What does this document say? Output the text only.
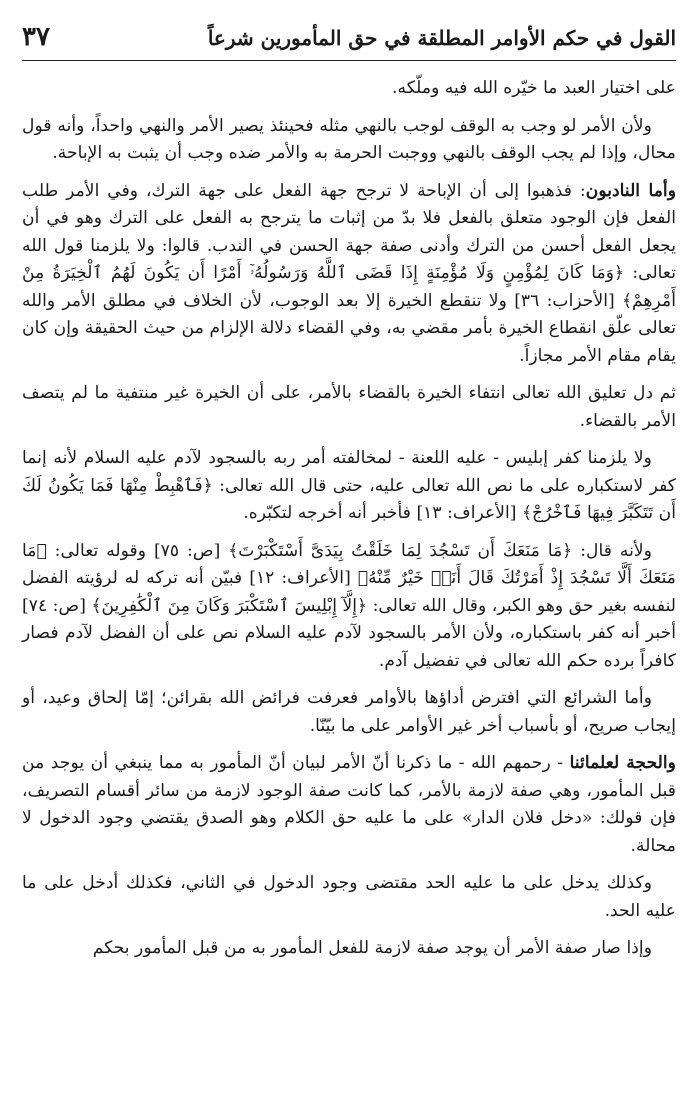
القول في حكم الأوامر المطلقة في حق المأمورين شرعاً
٣٧

على اختيار العبد ما خيّره الله فيه وملّكه.

ولأن الأمر لو وجب به الوقف لوجب بالنهي مثله فحينئذ يصير الأمر والنهي واحداً، وأنه قول محال، وإذا لم يجب الوقف بالنهي ووجبت الحرمة به والأمر ضده وجب أن يثبت به الإباحة.

وأما النادبون: فذهبوا إلى أن الإباحة لا ترجح جهة الفعل على جهة الترك، وفي الأمر طلب الفعل فإن الوجود متعلق بالفعل فلا بدّ من إثبات ما يترجح به الفعل على الترك وهو في أن يجعل الفعل أحسن من الترك وأدنى صفة جهة الحسن في الندب. قالوا: ولا يلزمنا قول الله تعالى: ﴿وَمَا كَانَ لِمُؤْمِنٍ وَلَا مُؤْمِنَةٍ إِذَا قَضَى ٱللَّهُ وَرَسُولُهُۥٓ أَمْرًا أَن يَكُونَ لَهُمُ ٱلْخِيَرَةُ مِنْ أَمْرِهِمْ﴾ [الأحزاب: ٣٦] ولا تنقطع الخيرة إلا بعد الوجوب، لأن الخلاف في مطلق الأمر والله تعالى علّق انقطاع الخيرة بأمر مقضي به، وفي القضاء دلالة الإلزام من حيث الحقيقة وإن كان يقام مقام الأمر مجازاً.

ثم دل تعليق الله تعالى انتفاء الخيرة بالقضاء بالأمر، على أن الخيرة غير منتفية ما لم يتصف الأمر بالقضاء.

ولا يلزمنا كفر إبليس - عليه اللعنة - لمخالفته أمر ربه بالسجود لآدم عليه السلام لأنه إنما كفر لاستكباره على ما نص الله تعالى عليه، حتى قال الله تعالى: ﴿فَٱهْبِطْ مِنْهَا فَمَا يَكُونُ لَكَ أَن تَتَكَبَّرَ فِيهَا فَٱخْرُجْ﴾ [الأعراف: ١٣] فأخبر أنه أخرجه لتكبّره.

ولأنه قال: ﴿مَا مَنَعَكَ أَن تَسْجُدَ لِمَا خَلَقْتُ بِيَدَىَّ أَسْتَكْبَرْتَ﴾ [ص: ٧٥] وقوله تعالى: ﴿مَا مَنَعَكَ أَلَّا تَسْجُدَ إِذْ أَمَرْتُكَ قَالَ أَنَا۠ خَيْرٌ مِّنْهُ﴾ [الأعراف: ١٢] فبيّن أنه تركه له لرؤيته الفضل لنفسه بغير حق وهو الكبر، وقال الله تعالى: ﴿إِلَّآ إِبْلِيسَ ٱسْتَكْبَرَ وَكَانَ مِنَ ٱلْكَٰفِرِينَ﴾ [ص: ٧٤] أخبر أنه كفر باستكباره، ولأن الأمر بالسجود لآدم عليه السلام نص على أن الفضل لآدم فصار كافراً برده حكم الله تعالى في تفضيل آدم.

وأما الشرائع التي افترض أداؤها بالأوامر فعرفت فرائض الله بقرائن؛ إمّا إلحاق وعيد، أو إيجاب صريح، أو بأسباب أخر غير الأوامر على ما بيّنّا.

والحجة لعلمائنا - رحمهم الله - ما ذكرنا أنّ الأمر لبيان أنّ المأمور به مما ينبغي أن يوجد من قبل المأمور، وهي صفة لازمة بالأمر، كما كانت صفة الوجود لازمة من سائر أقسام التصريف، فإن قولك: «دخل فلان الدار» على ما عليه حق الكلام وهو الصدق يقتضي وجود الدخول لا محالة.

وكذلك يدخل على ما عليه الحد مقتضى وجود الدخول في الثاني، فكذلك أدخل على ما عليه الحد.

وإذا صار صفة الأمر أن يوجد صفة لازمة للفعل المأمور به من قبل المأمور بحكم
